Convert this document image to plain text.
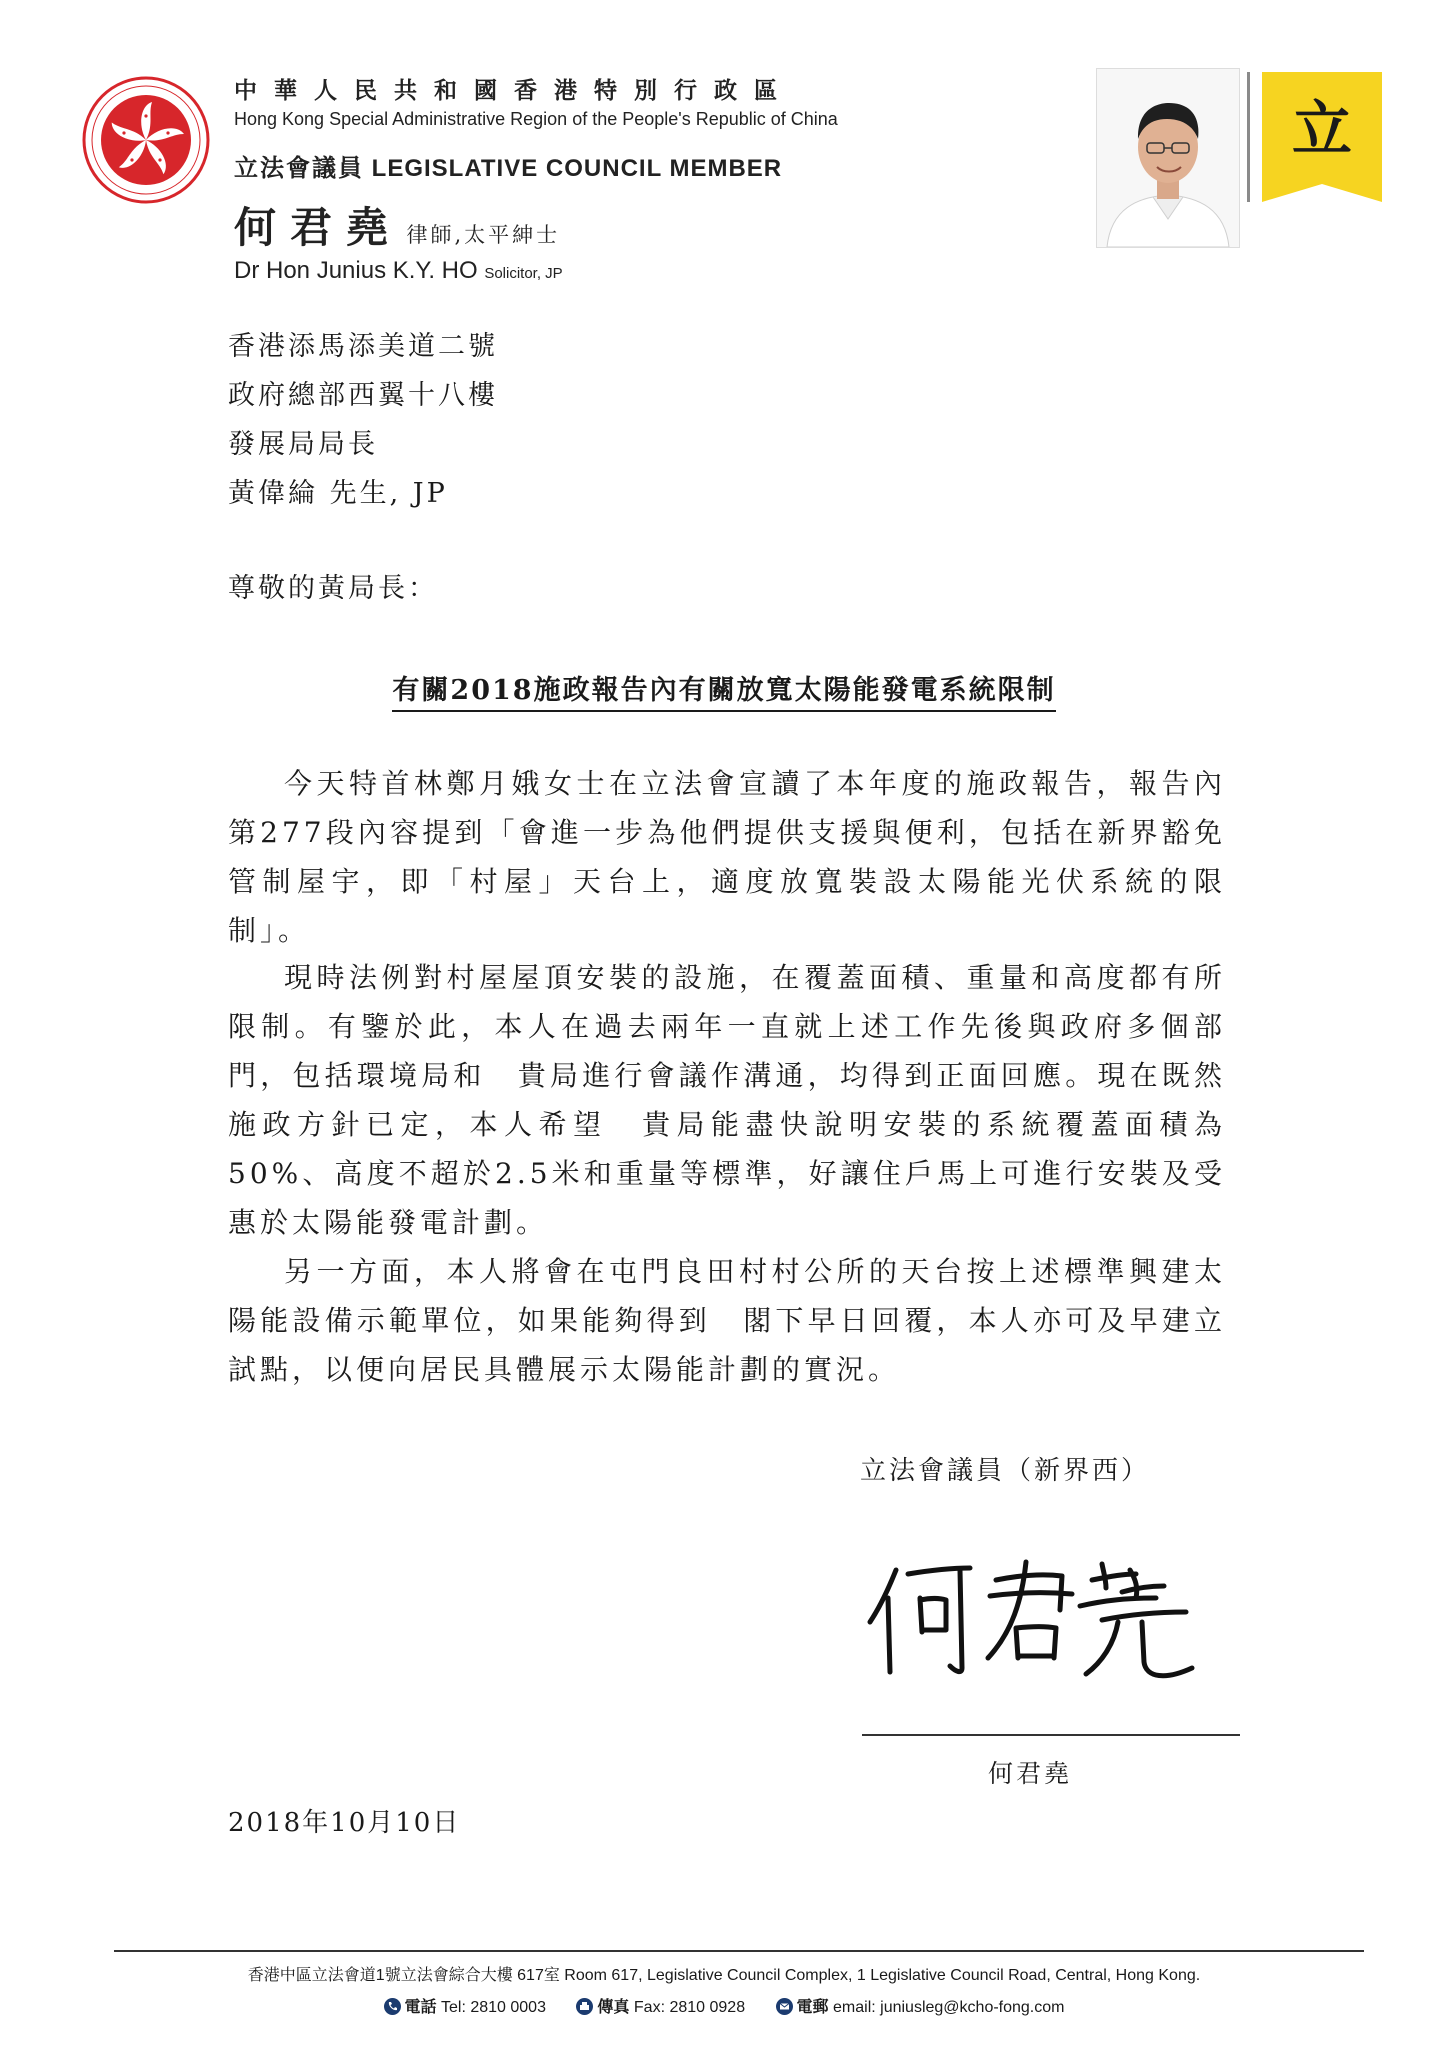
中華人民共和國香港特別行政區
Hong Kong Special Administrative Region of the People's Republic of China
立法會議員 LEGISLATIVE COUNCIL MEMBER
何君堯 律師,太平紳士
Dr Hon Junius K.Y. HO Solicitor, JP
立
香港添馬添美道二號
政府總部西翼十八樓
發展局局長
黃偉綸 先生, JP
尊敬的黃局長：
有關2018施政報告內有關放寬太陽能發電系統限制

今天特首林鄭月娥女士在立法會宣讀了本年度的施政報告，報告內第277段內容提到「會進一步為他們提供支援與便利，包括在新界豁免管制屋宇，即「村屋」天台上，適度放寬裝設太陽能光伏系統的限制」。

現時法例對村屋屋頂安裝的設施，在覆蓋面積、重量和高度都有所限制。有鑒於此，本人在過去兩年一直就上述工作先後與政府多個部門，包括環境局和　貴局進行會議作溝通，均得到正面回應。現在既然施政方針已定，本人希望　貴局能盡快說明安裝的系統覆蓋面積為50%、高度不超於2.5米和重量等標準，好讓住戶馬上可進行安裝及受惠於太陽能發電計劃。

另一方面，本人將會在屯門良田村村公所的天台按上述標準興建太陽能設備示範單位，如果能夠得到　閣下早日回覆，本人亦可及早建立試點，以便向居民具體展示太陽能計劃的實況。

立法會議員（新界西）
何君堯
2018年10月10日
香港中區立法會道1號立法會綜合大樓 617室 Room 617, Legislative Council Complex, 1 Legislative Council Road, Central, Hong Kong.
電話 Tel: 2810 0003	傳真 Fax: 2810 0928	電郵 email: juniusleg@kcho-fong.com
